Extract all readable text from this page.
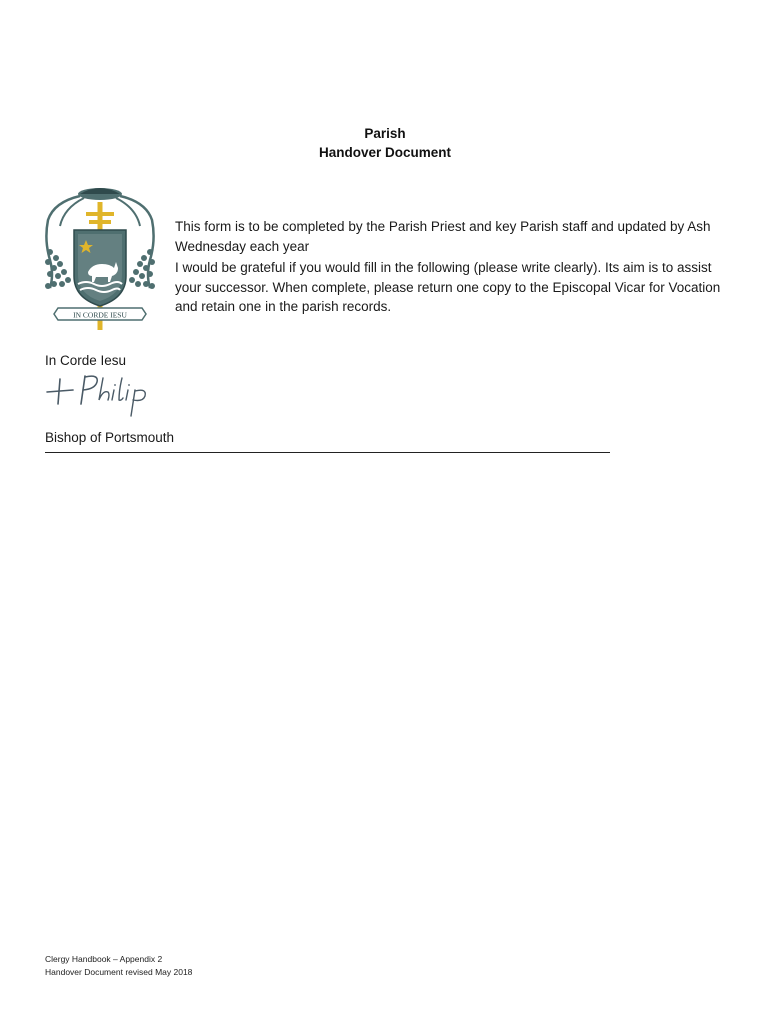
Parish
Handover Document
IN CORDE IESU

This form is to be completed by the Parish Priest and key Parish staff and updated by Ash Wednesday each year

I would be grateful if you would fill in the following (please write clearly). Its aim is to assist your successor. When complete, please return one copy to the Episcopal Vicar for Vocation and retain one in the parish records.

In Corde Iesu
Bishop of Portsmouth
Clergy Handbook – Appendix 2
Handover Document revised May 2018
